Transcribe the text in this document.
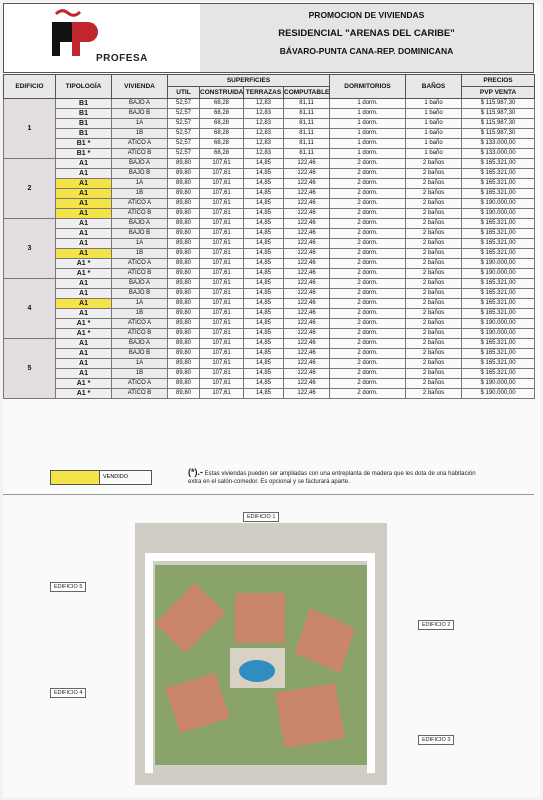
PROFESA
PROMOCION DE VIVIENDAS
RESIDENCIAL "ARENAS DEL CARIBE"
BÁVARO-PUNTA CANA-REP. DOMINICANA
EDIFICIO	TIPOLOGÍA	VIVIENDA	SUPERFICIES				DORMITORIOS	BAÑOS	PRECIOS
			UTIL	CONSTRUIDA	TERRAZAS	COMPUTABLE			PVP VENTA
1	B1	BAJO A	52,57	68,28	12,83	81,11	1 dorm.	1 baño	$ 115.987,30
	B1	BAJO B	52,57	68,28	12,83	81,11	1 dorm.	1 baño	$ 115.987,30
	B1	1A	52,57	68,28	12,83	81,11	1 dorm.	1 baño	$ 115.987,30
	B1	1B	52,57	68,28	12,83	81,11	1 dorm.	1 baño	$ 115.987,30
	B1 *	ATICO A	52,57	68,28	12,83	81,11	1 dorm.	1 baño	$ 133.000,00
	B1 *	ATICO B	52,57	68,28	12,83	81,11	1 dorm.	1 baño	$ 133.000,00
2	A1	BAJO A	89,80	107,61	14,85	122,46	2 dorm.	2 baños	$ 165.321,00
	A1	BAJO B	89,80	107,61	14,85	122,46	2 dorm.	2 baños	$ 165.321,00
	A1	1A	89,80	107,61	14,85	122,46	2 dorm.	2 baños	$ 165.321,00
	A1	1B	89,80	107,61	14,85	122,46	2 dorm.	2 baños	$ 165.321,00
	A1	ATICO A	89,80	107,61	14,85	122,46	2 dorm.	2 baños	$ 190.000,00
	A1	ATICO B	89,80	107,61	14,85	122,46	2 dorm.	2 baños	$ 190.000,00
3	A1	BAJO A	89,80	107,61	14,85	122,46	2 dorm.	2 baños	$ 165.321,00
	A1	BAJO B	89,80	107,61	14,85	122,46	2 dorm.	2 baños	$ 165.321,00
	A1	1A	89,80	107,61	14,85	122,46	2 dorm.	2 baños	$ 165.321,00
	A1	1B	89,80	107,61	14,85	122,46	2 dorm.	2 baños	$ 165.321,00
	A1 *	ATICO A	89,80	107,61	14,85	122,46	2 dorm.	2 baños	$ 190.000,00
	A1 *	ATICO B	89,80	107,61	14,85	122,46	2 dorm.	2 baños	$ 190.000,00
4	A1	BAJO A	89,80	107,61	14,85	122,46	2 dorm.	2 baños	$ 165.321,00
	A1	BAJO B	89,80	107,61	14,85	122,46	2 dorm.	2 baños	$ 165.321,00
	A1	1A	89,80	107,61	14,85	122,46	2 dorm.	2 baños	$ 165.321,00
	A1	1B	89,80	107,61	14,85	122,46	2 dorm.	2 baños	$ 165.321,00
	A1 *	ATICO A	89,80	107,61	14,85	122,46	2 dorm.	2 baños	$ 190.000,00
	A1 *	ATICO B	89,80	107,61	14,85	122,46	2 dorm.	2 baños	$ 190.000,00
5	A1	BAJO A	89,80	107,61	14,85	122,46	2 dorm.	2 baños	$ 165.321,00
	A1	BAJO B	89,80	107,61	14,85	122,46	2 dorm.	2 baños	$ 165.321,00
	A1	1A	89,80	107,61	14,85	122,46	2 dorm.	2 baños	$ 165.321,00
	A1	1B	89,80	107,61	14,85	122,46	2 dorm.	2 baños	$ 165.321,00
	A1 *	ATICO A	89,80	107,61	14,85	122,46	2 dorm.	2 baños	$ 190.000,00
	A1 *	ATICO B	89,80	107,61	14,85	122,46	2 dorm.	2 baños	$ 190.000,00
VENDIDO	(*).- Estas viviendas pueden ser ampliadas con una entreplanta de madera que les dota de una habitación extra en el salón-comedor. Es opcional y se facturará aparte.
EDIFICIO 1
EDIFICIO 2
EDIFICIO 3
EDIFICIO 4
EDIFICIO 5
